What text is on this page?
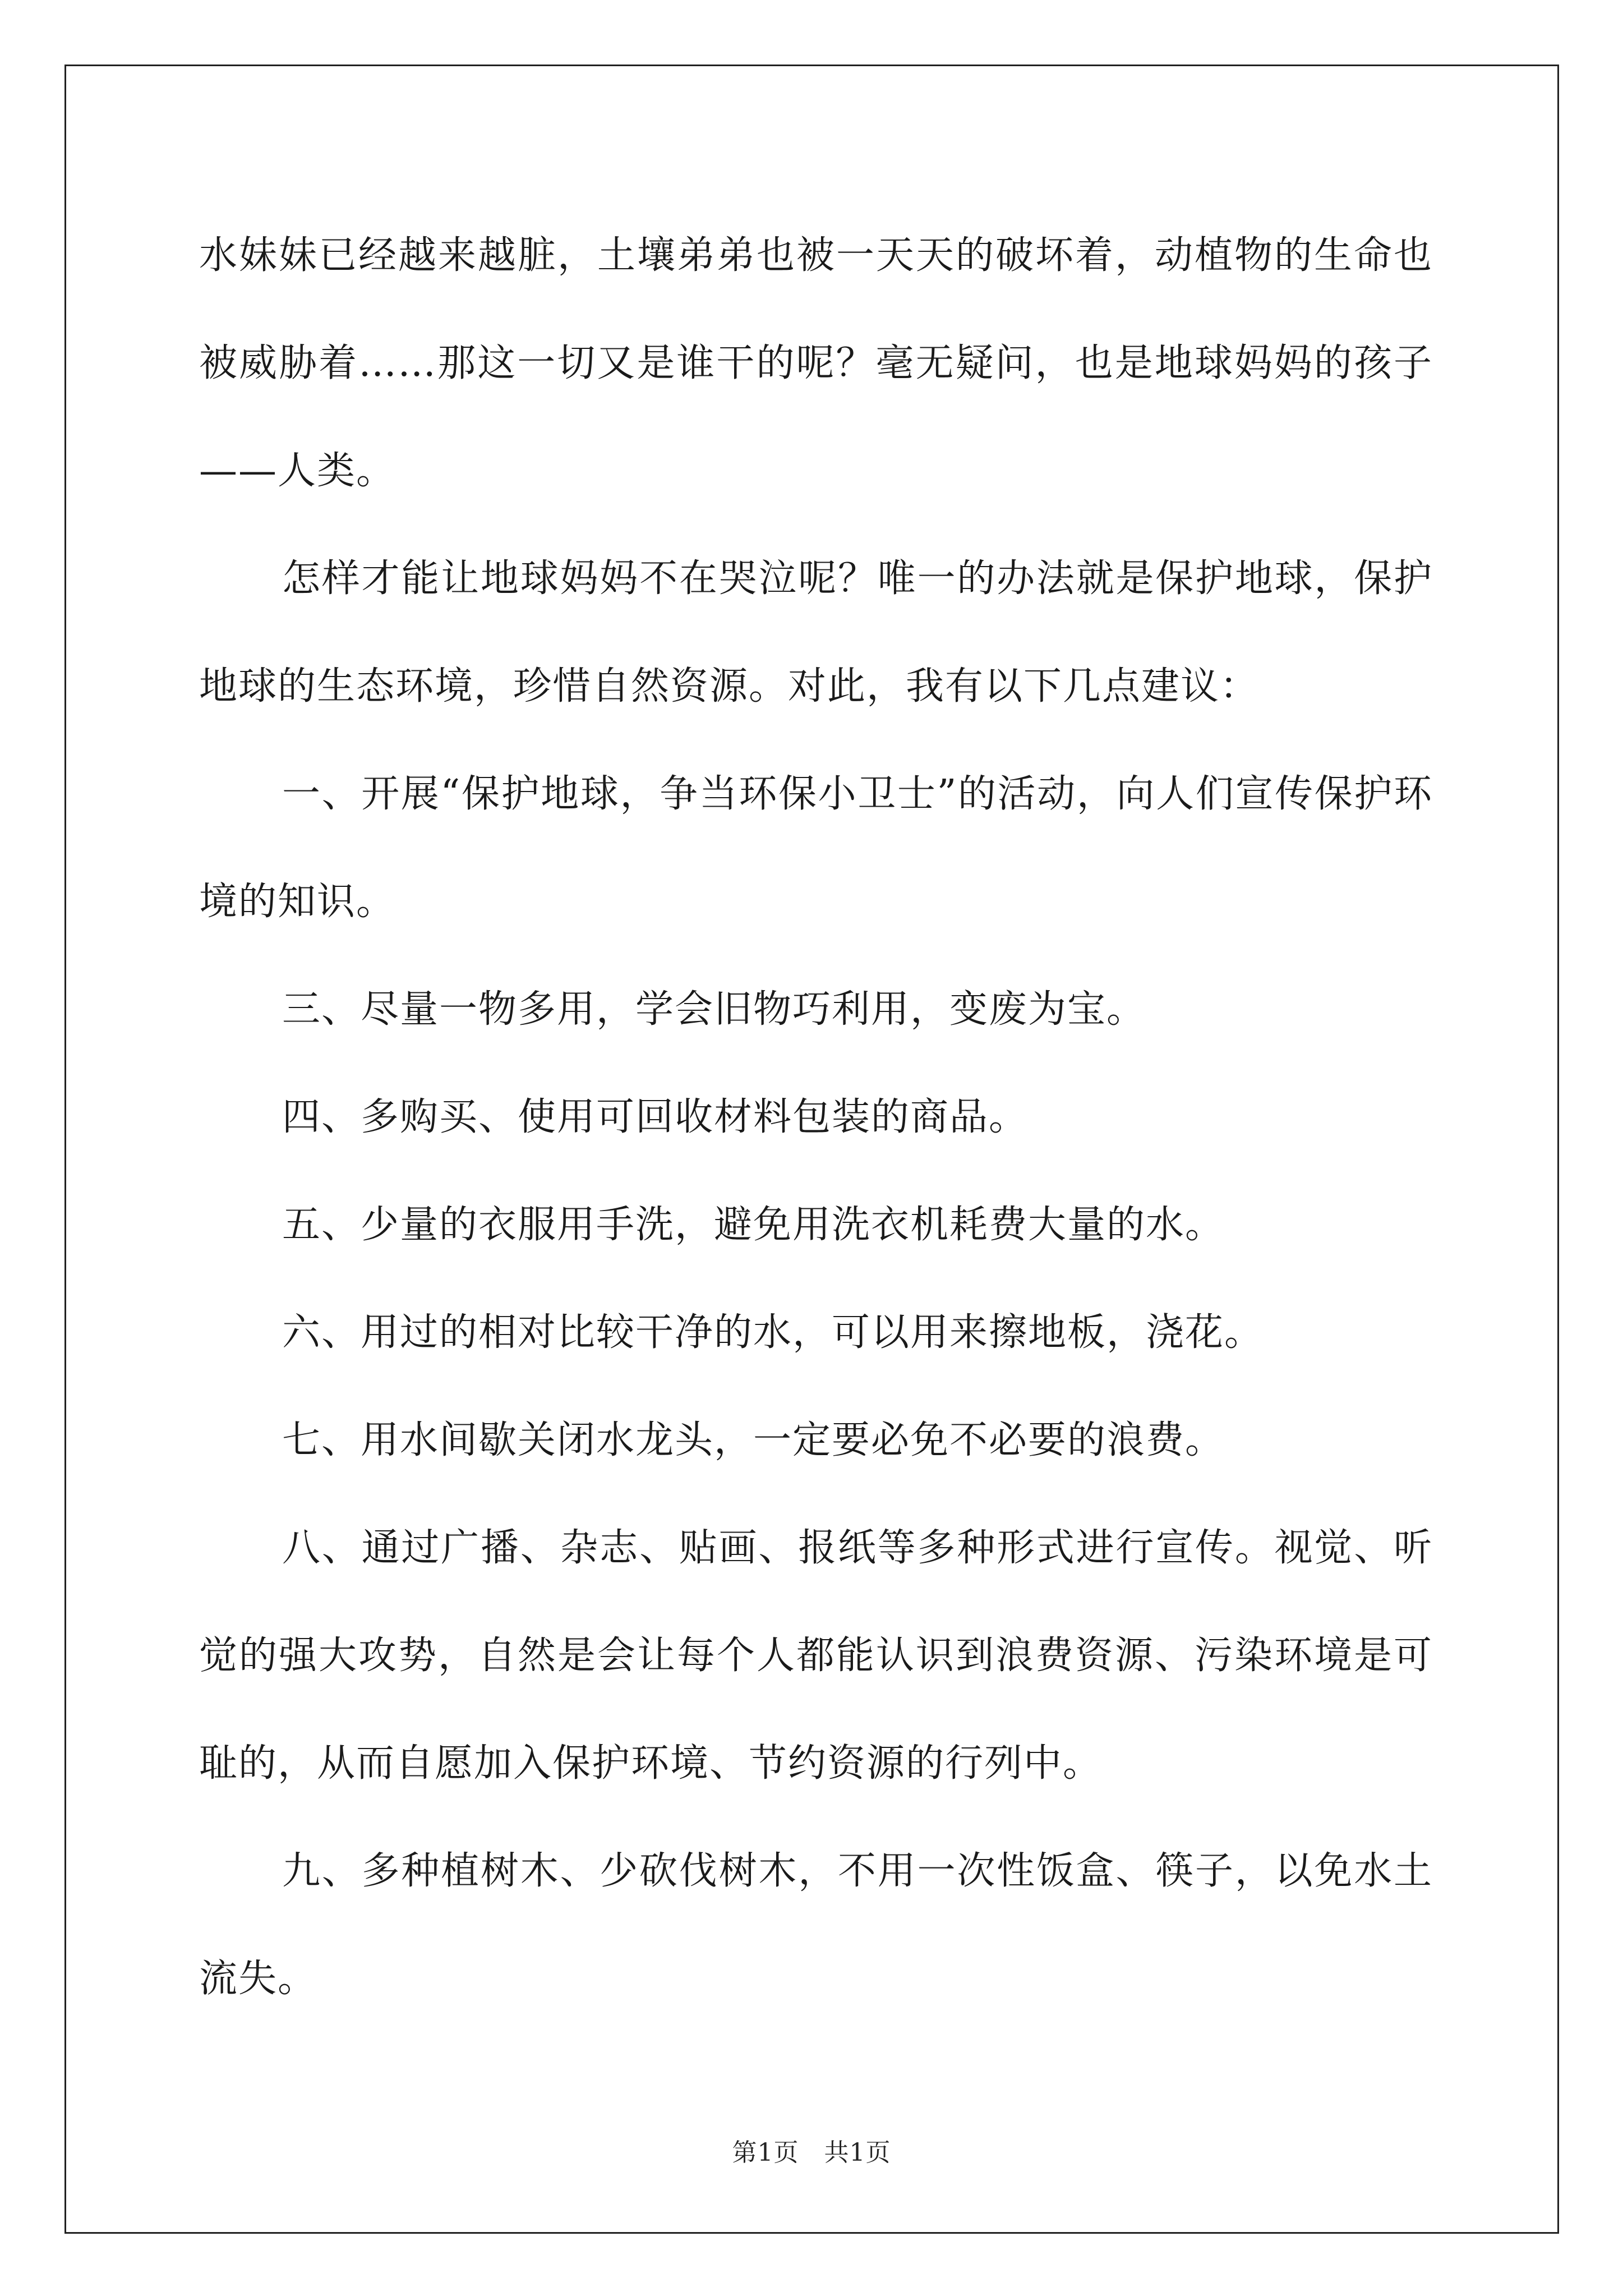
水妹妹已经越来越脏，土壤弟弟也被一天天的破坏着，动植物的生命也被威胁着……那这一切又是谁干的呢？毫无疑问，也是地球妈妈的孩子——人类。

怎样才能让地球妈妈不在哭泣呢？唯一的办法就是保护地球，保护地球的生态环境，珍惜自然资源。对此，我有以下几点建议：

一、开展“保护地球，争当环保小卫士”的活动，向人们宣传保护环境的知识。

三、尽量一物多用，学会旧物巧利用，变废为宝。

四、多购买、使用可回收材料包装的商品。

五、少量的衣服用手洗，避免用洗衣机耗费大量的水。

六、用过的相对比较干净的水，可以用来擦地板，浇花。

七、用水间歇关闭水龙头，一定要必免不必要的浪费。

八、通过广播、杂志、贴画、报纸等多种形式进行宣传。视觉、听觉的强大攻势，自然是会让每个人都能认识到浪费资源、污染环境是可耻的，从而自愿加入保护环境、节约资源的行列中。

九、多种植树木、少砍伐树木，不用一次性饭盒、筷子，以免水土流失。

第1页　共1页
